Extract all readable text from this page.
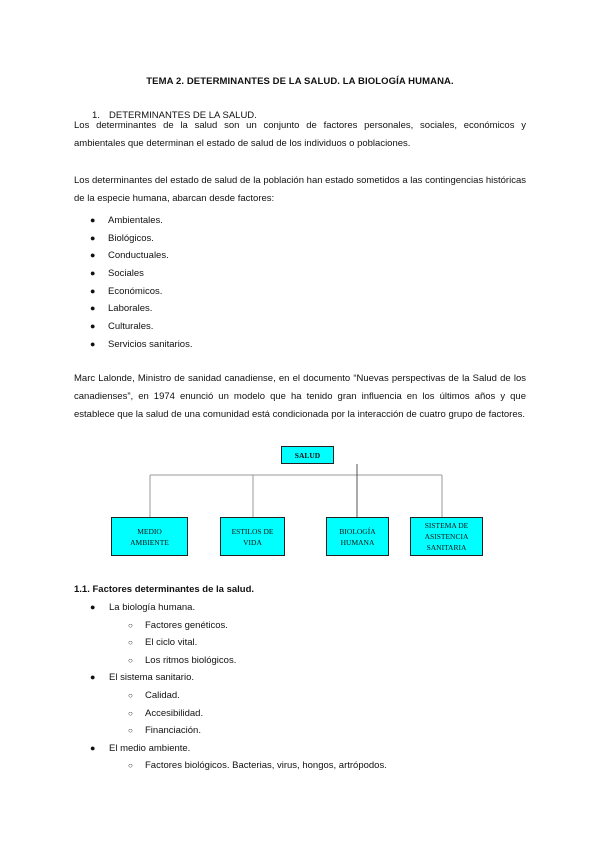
TEMA 2. DETERMINANTES DE LA SALUD. LA BIOLOGÍA HUMANA.
1. DETERMINANTES DE LA SALUD.

Los determinantes de la salud son un conjunto de factores personales, sociales, económicos y ambientales que determinan el estado de salud de los individuos o poblaciones.

Los determinantes del estado de salud de la población han estado sometidos a las contingencias históricas de la especie humana, abarcan desde factores:

● Ambientales.
● Biológicos.
● Conductuales.
● Sociales
● Económicos.
● Laborales.
● Culturales.
● Servicios sanitarios.

Marc Lalonde, Ministro de sanidad canadiense, en el documento “Nuevas perspectivas de la Salud de los canadienses”, en 1974 enunció un modelo que ha tenido gran influencia en los últimos años y que establece que la salud de una comunidad está condicionada por la interacción de cuatro grupo de factores.

SALUD
MEDIO AMBIENTE
ESTILOS DE VIDA
BIOLOGÍA HUMANA
SISTEMA DE ASISTENCIA SANITARIA
1.1. Factores determinantes de la salud.
● La biología humana.
○ Factores genéticos.
○ El ciclo vital.
○ Los ritmos biológicos.
● El sistema sanitario.
○ Calidad.
○ Accesibilidad.
○ Financiación.
● El medio ambiente.
○ Factores biológicos. Bacterias, virus, hongos, artrópodos.
